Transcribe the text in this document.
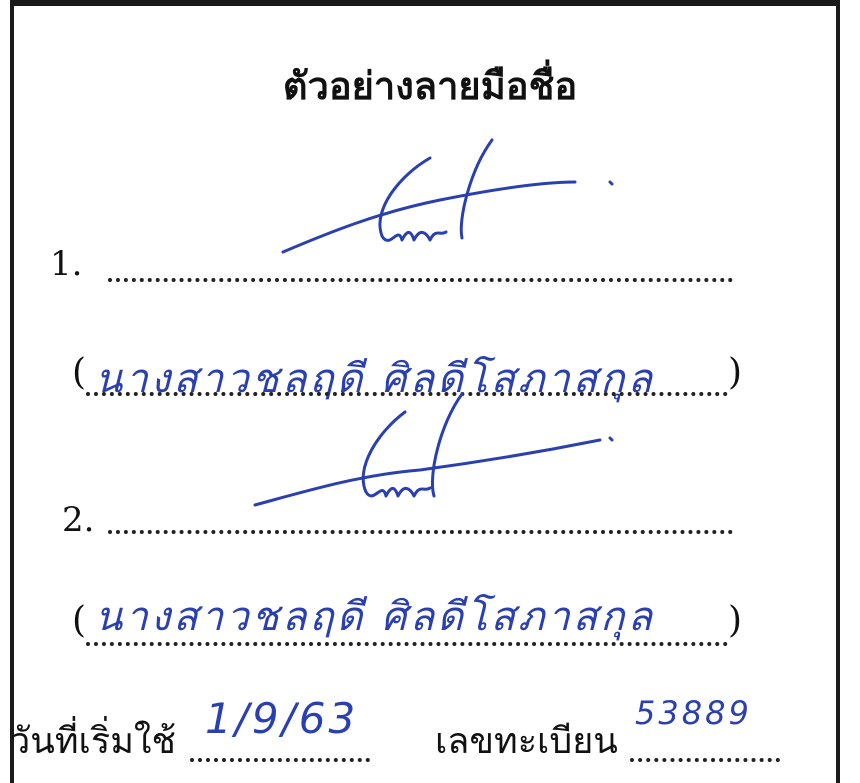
ตัวอย่างลายมือชื่อ
1.
( นางสาวชลฤดี ศิลดีโสภาสกุล )
2.
( นางสาวชลฤดี ศิลดีโสภาสกุล )
วันที่เริ่มใช้ 1/9/63 เลขทะเบียน
53889
